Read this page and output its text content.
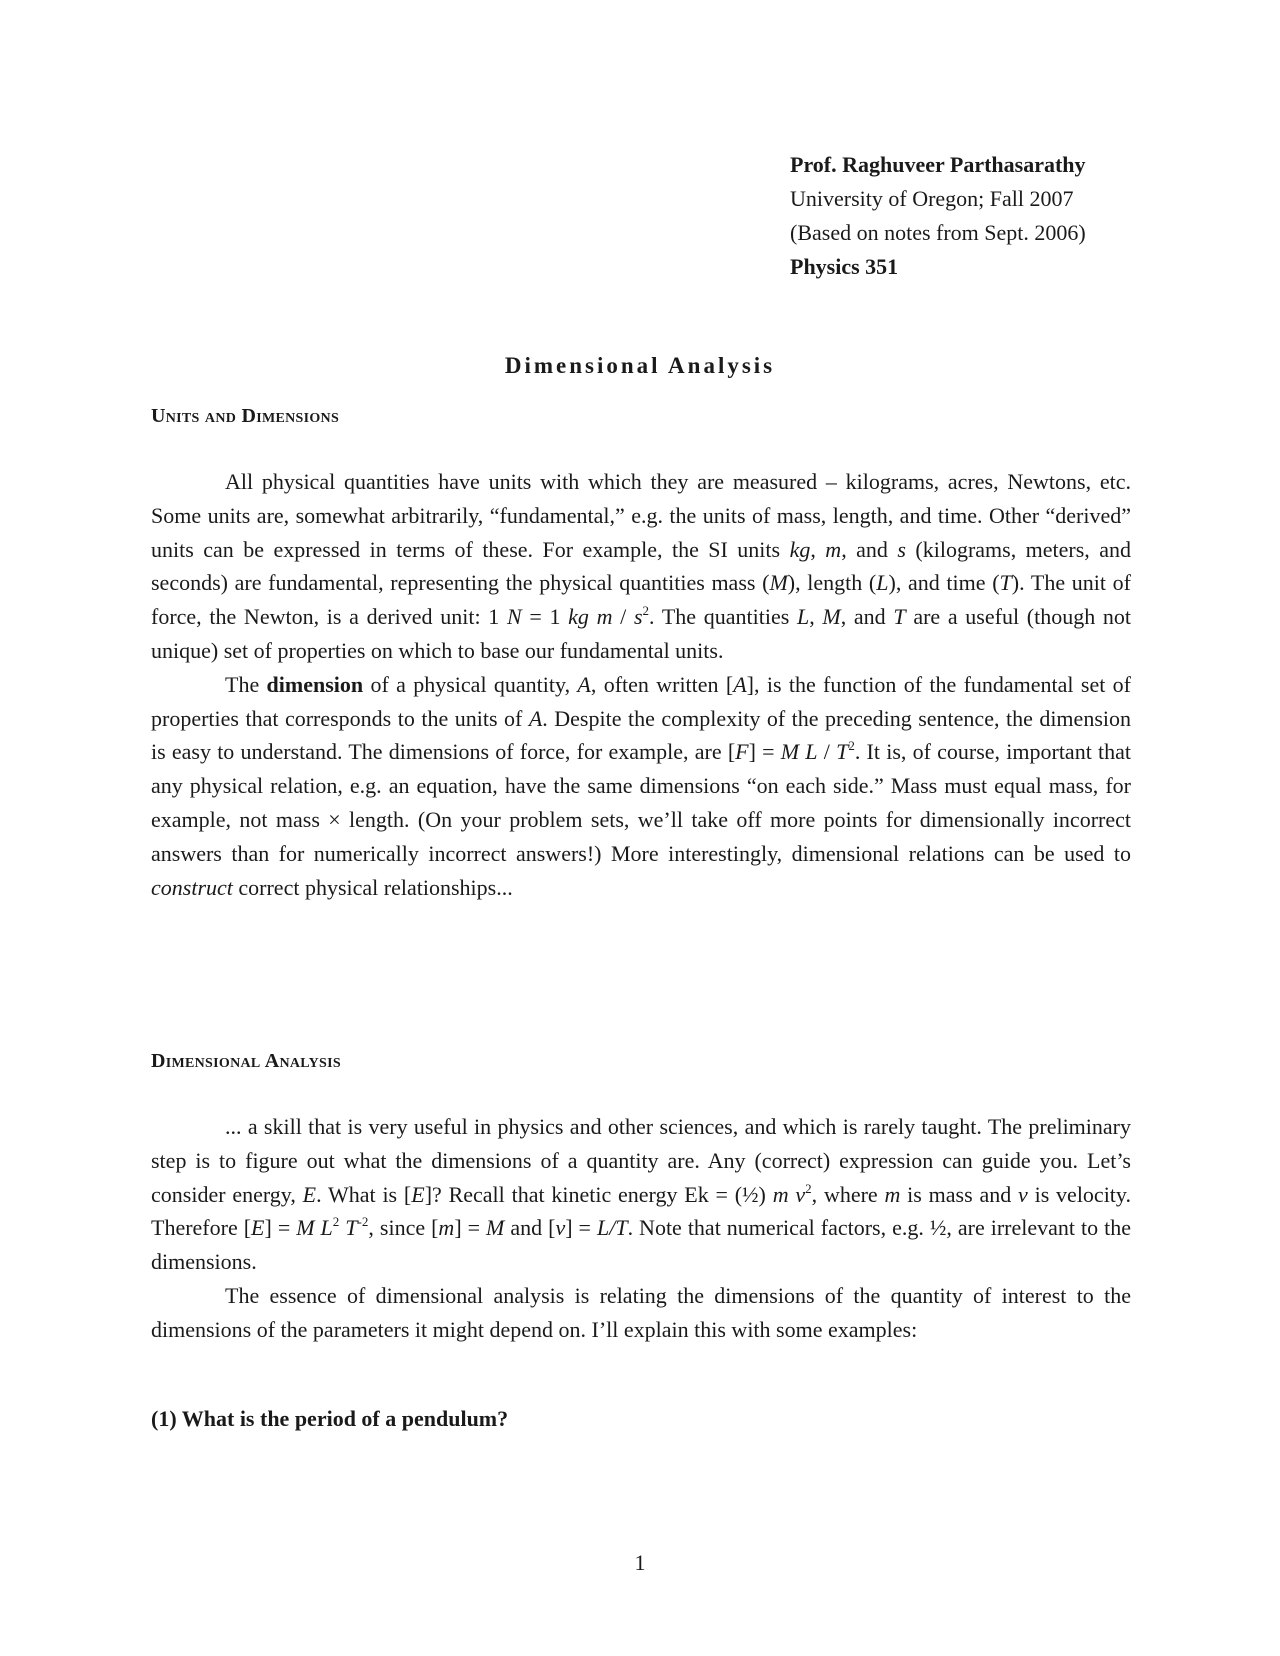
Prof. Raghuveer Parthasarathy
University of Oregon; Fall 2007
(Based on notes from Sept. 2006)
Physics 351
Dimensional Analysis
Units and Dimensions

All physical quantities have units with which they are measured – kilograms, acres, Newtons, etc. Some units are, somewhat arbitrarily, “fundamental,” e.g. the units of mass, length, and time. Other “derived” units can be expressed in terms of these. For example, the SI units kg, m, and s (kilograms, meters, and seconds) are fundamental, representing the physical quantities mass (M), length (L), and time (T). The unit of force, the Newton, is a derived unit: 1 N = 1 kg m / $s^2$. The quantities L, M, and T are a useful (though not unique) set of properties on which to base our fundamental units.

The dimension of a physical quantity, A, often written [A], is the function of the fundamental set of properties that corresponds to the units of A. Despite the complexity of the preceding sentence, the dimension is easy to understand. The dimensions of force, for example, are [F] = M L / $T^2$. It is, of course, important that any physical relation, e.g. an equation, have the same dimensions “on each side.” Mass must equal mass, for example, not mass × length. (On your problem sets, we’ll take off more points for dimensionally incorrect answers than for numerically incorrect answers!) More interestingly, dimensional relations can be used to construct correct physical relationships...

Dimensional Analysis

... a skill that is very useful in physics and other sciences, and which is rarely taught. The preliminary step is to figure out what the dimensions of a quantity are. Any (correct) expression can guide you. Let’s consider energy, E. What is [E]? Recall that kinetic energy Ek = (½) m $v^2$, where m is mass and v is velocity. Therefore [E] = M $L^2$ $T^{-2}$, since [m] = M and [v] = L/T. Note that numerical factors, e.g. ½, are irrelevant to the dimensions.

The essence of dimensional analysis is relating the dimensions of the quantity of interest to the dimensions of the parameters it might depend on. I’ll explain this with some examples:

(1) What is the period of a pendulum?
1
